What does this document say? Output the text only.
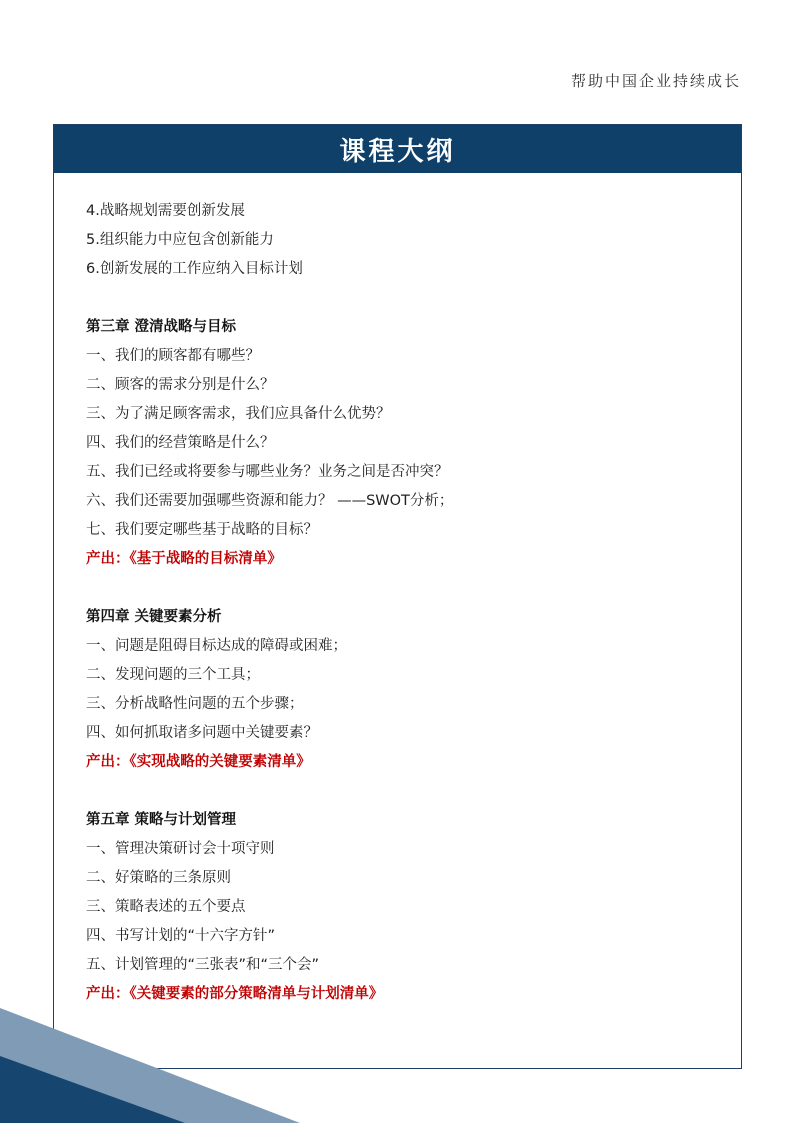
帮助中国企业持续成长
课程大纲
4.战略规划需要创新发展
5.组织能力中应包含创新能力
6.创新发展的工作应纳入目标计划
第三章 澄清战略与目标
一、我们的顾客都有哪些？
二、顾客的需求分别是什么？
三、为了满足顾客需求，我们应具备什么优势？
四、我们的经营策略是什么？
五、我们已经或将要参与哪些业务？业务之间是否冲突？
六、我们还需要加强哪些资源和能力？ ——SWOT分析；
七、我们要定哪些基于战略的目标？
产出：《基于战略的目标清单》
第四章 关键要素分析
一、问题是阻碍目标达成的障碍或困难；
二、发现问题的三个工具；
三、分析战略性问题的五个步骤；
四、如何抓取诸多问题中关键要素？
产出：《实现战略的关键要素清单》
第五章 策略与计划管理
一、管理决策研讨会十项守则
二、好策略的三条原则
三、策略表述的五个要点
四、书写计划的“十六字方针”
五、计划管理的“三张表”和“三个会”
产出：《关键要素的部分策略清单与计划清单》
